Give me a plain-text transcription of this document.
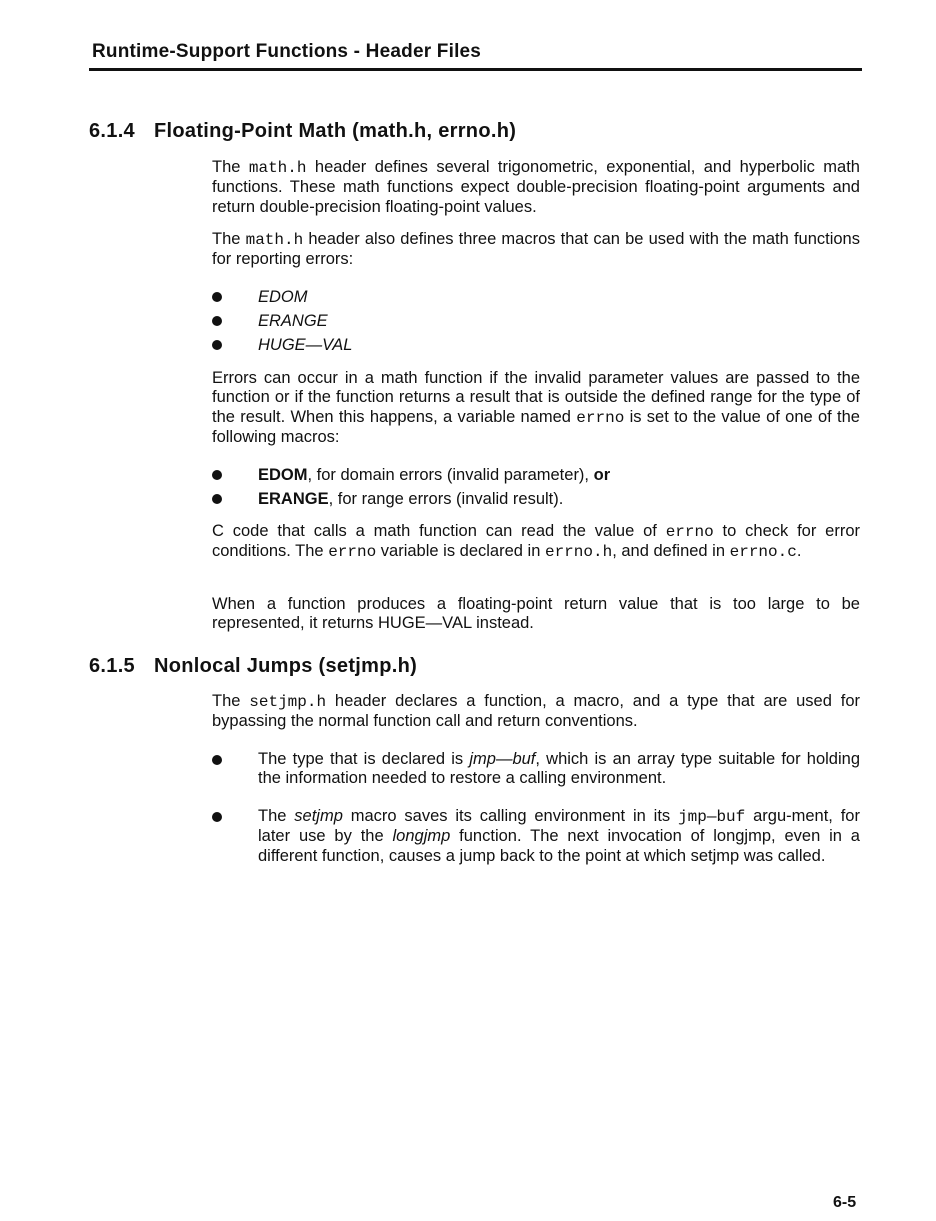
Runtime-Support Functions - Header Files
6.1.4 Floating-Point Math (math.h, errno.h)

The math.h header defines several trigonometric, exponential, and hyperbolic math functions. These math functions expect double-precision floating-point arguments and return double-precision floating-point values.

The math.h header also defines three macros that can be used with the math functions for reporting errors:

EDOM
ERANGE
HUGE—VAL

Errors can occur in a math function if the invalid parameter values are passed to the function or if the function returns a result that is outside the defined range for the type of the result. When this happens, a variable named errno is set to the value of one of the following macros:

EDOM, for domain errors (invalid parameter), or
ERANGE, for range errors (invalid result).

C code that calls a math function can read the value of errno to check for error conditions. The errno variable is declared in errno.h, and defined in errno.c.

When a function produces a floating-point return value that is too large to be represented, it returns HUGE—VAL instead.

6.1.5 Nonlocal Jumps (setjmp.h)

The setjmp.h header declares a function, a macro, and a type that are used for bypassing the normal function call and return conventions.

The type that is declared is jmp—buf, which is an array type suitable for holding the information needed to restore a calling environment.
The setjmp macro saves its calling environment in its jmp—buf argu-ment, for later use by the longjmp function. The next invocation of longjmp, even in a different function, causes a jump back to the point at which setjmp was called.
6-5
